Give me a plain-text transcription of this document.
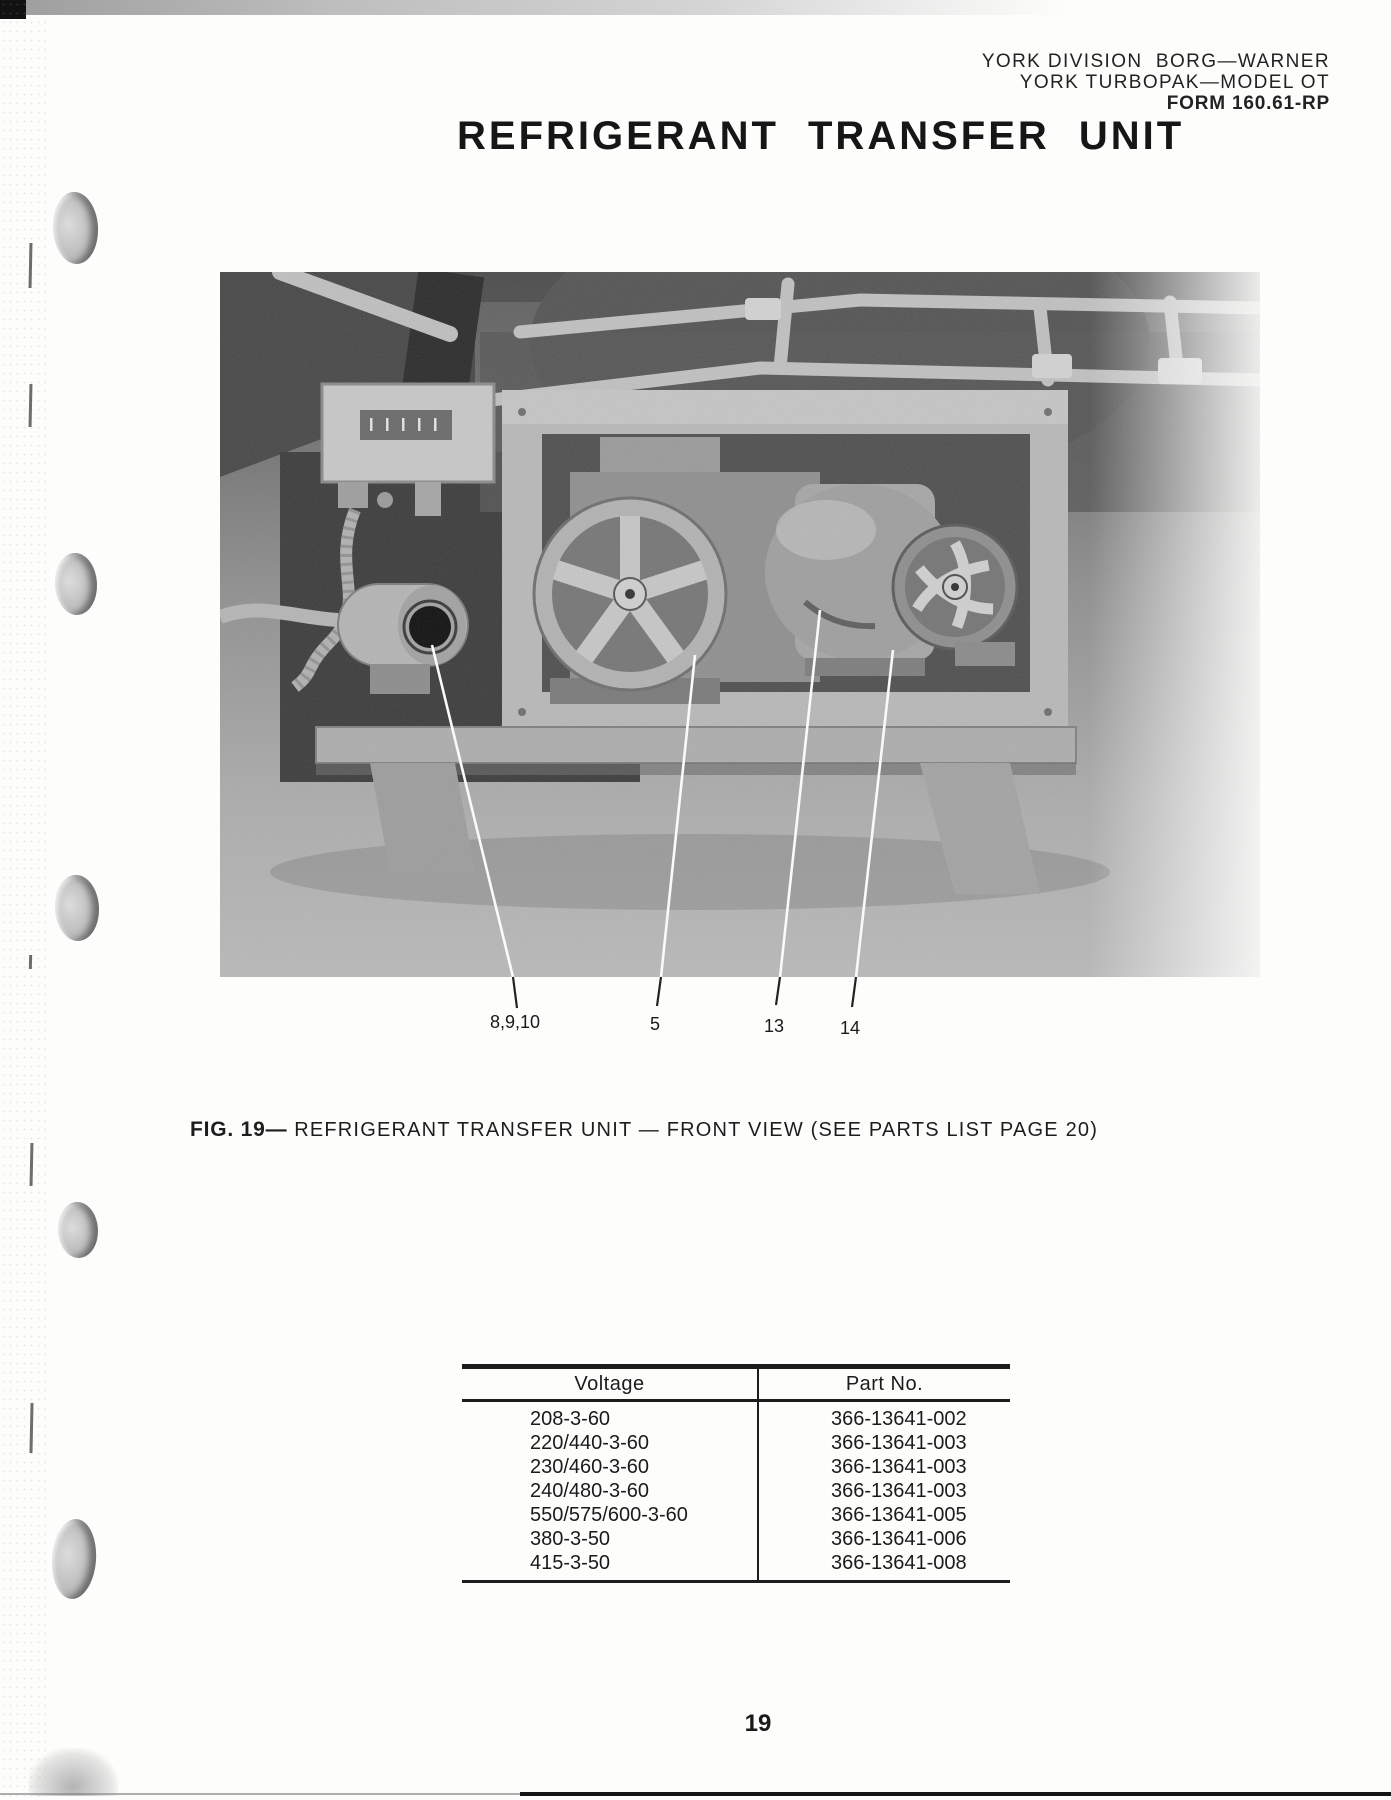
YORK DIVISION  BORG—WARNER
YORK TURBOPAK—MODEL OT
FORM 160.61-RP
REFRIGERANT TRANSFER UNIT
8,9,10	5	13	14
FIG. 19— REFRIGERANT TRANSFER UNIT — FRONT VIEW (SEE PARTS LIST PAGE 20)
Voltage	Part No.
208-3-60	366-13641-002
220/440-3-60	366-13641-003
230/460-3-60	366-13641-003
240/480-3-60	366-13641-003
550/575/600-3-60	366-13641-005
380-3-50	366-13641-006
415-3-50	366-13641-008
19
